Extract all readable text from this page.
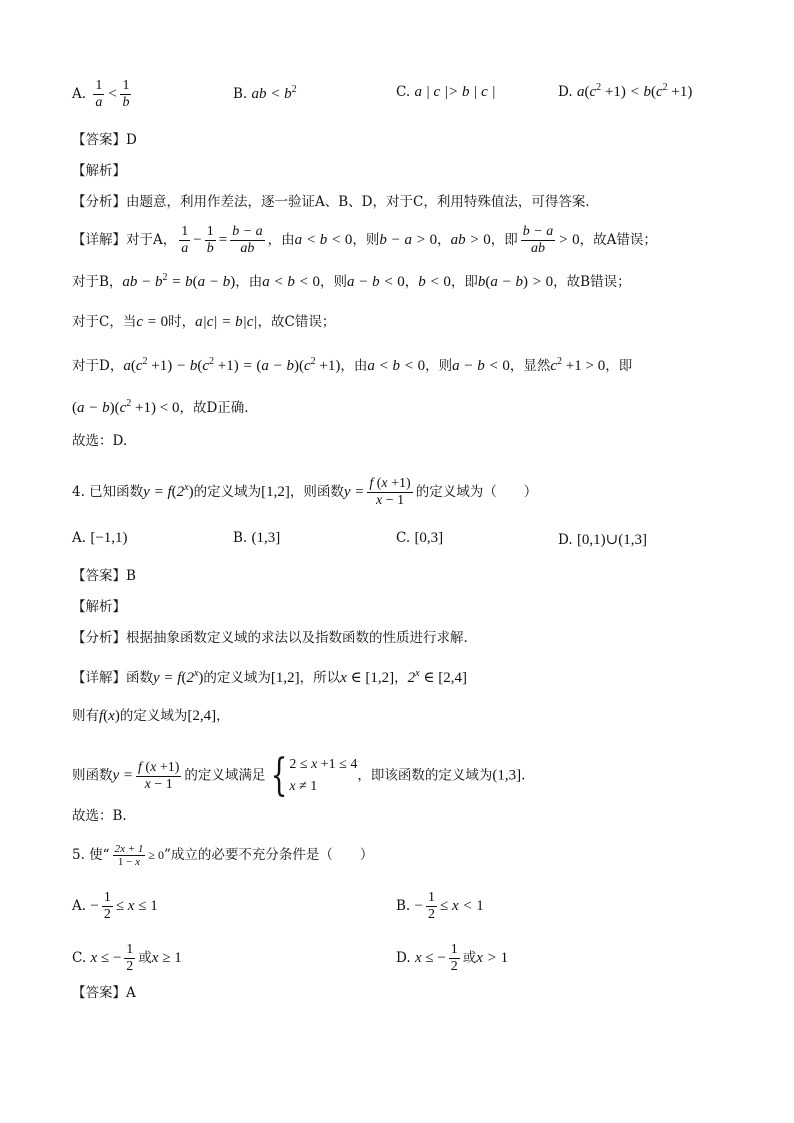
A. $\frac{1}{a} < \frac{1}{b}$	B. ab < $b^2$	C. a | c |> b | c |	D. $a(c^2 +1) < b(c^2 +1)$
【答案】D
【解析】
【分析】由题意，利用作差法，逐一验证A、B、D，对于C，利用特殊值法，可得答案.
【详解】对于A， $\frac{1}{a} - \frac{1}{b} = \frac{b - a}{ab}$ ，由a < b < 0，则b − a > 0，ab > 0，即 $\frac{b - a}{ab} > 0$，故A错误；
对于B，ab − $b^2 = b(a - b)$，由a < b < 0，则a − b < 0，b < 0，即b(a − b) > 0，故B错误；
对于C，当c = 0时，a|c| = b|c|，故C错误；
对于D，$a(c^2 +1) - b(c^2 +1) = (a - b)(c^2 +1)$，由a < b < 0，则a − b < 0，显然$c^2 +1 > 0$，即
$(a - b)(c^2 +1) < 0$，故D正确.
故选：D.
4. 已知函数$y = f(2^x)$的定义域为[1,2]，则函数$y = \frac{f (x +1)}{x - 1}$ 的定义域为（　　）
A. [−1,1)	B. (1,3]	C. [0,3]	D. [0,1)∪(1,3]
【答案】B
【解析】
【分析】根据抽象函数定义域的求法以及指数函数的性质进行求解.
【详解】函数$y = f(2^x)$的定义域为[1,2]，所以x ∈ [1,2]，2$^x$ ∈ [2,4]
则有f(x)的定义域为[2,4]，
则函数$y = \frac{f (x +1)}{x - 1}$ 的定义域满足 { 2 ≤ x +1 ≤ 4
x ≠ 1
，即该函数的定义域为(1,3].
故选：B.
5. 使“ $\frac{2x + 1}{1 - x} \ge 0$”成立的必要不充分条件是（　　）
A. − $\frac{1}{2} \le x \le 1$	B. − $\frac{1}{2} \le x < 1$
C. x ≤ − $\frac{1}{2}$ 或x ≥ 1	D. x ≤ − $\frac{1}{2}$ 或x > 1
【答案】A
